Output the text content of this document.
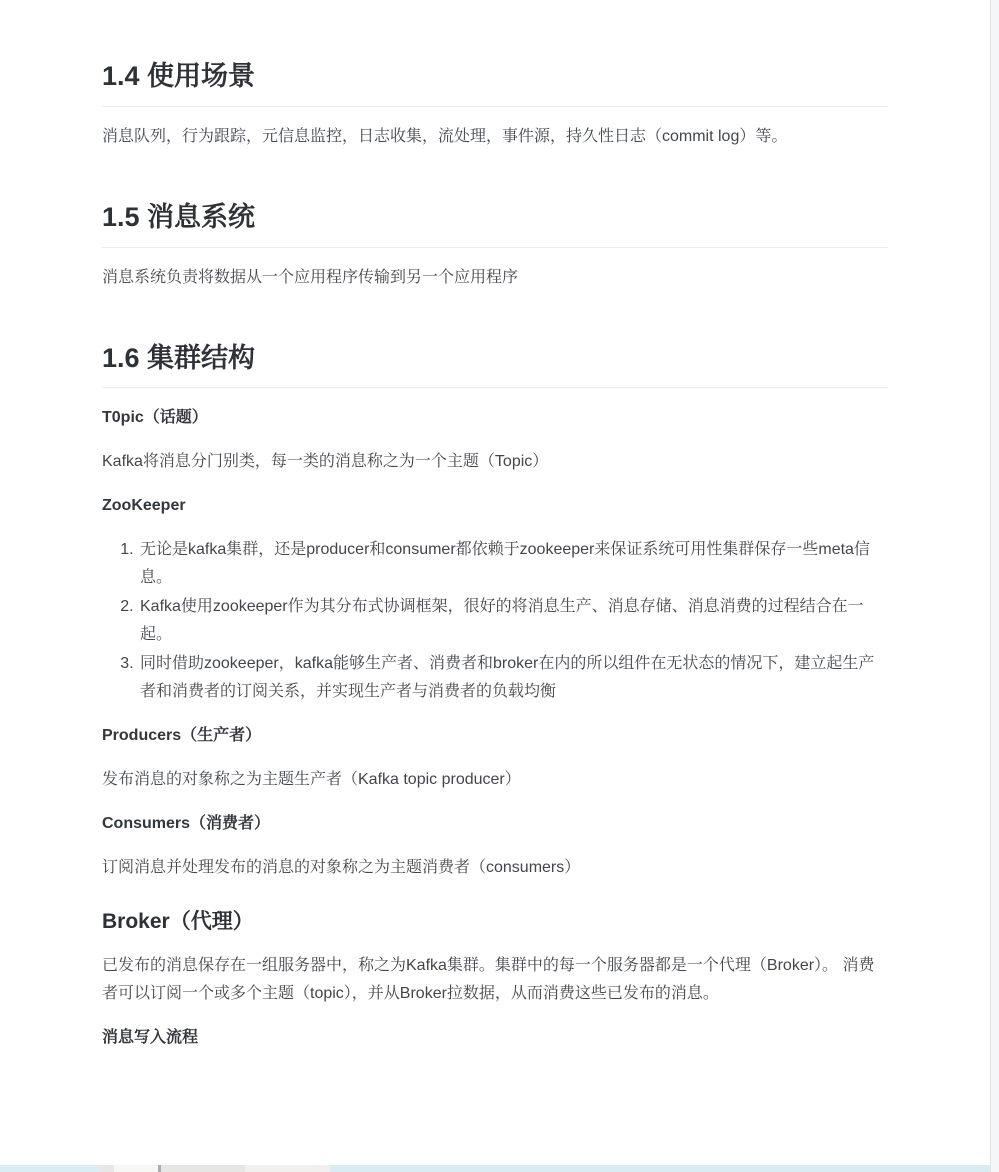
1.4 使用场景

消息队列，行为跟踪，元信息监控，日志收集，流处理，事件源，持久性日志（commit log）等。

1.5 消息系统

消息系统负责将数据从一个应用程序传输到另一个应用程序

1.6 集群结构

T0pic（话题）

Kafka将消息分门别类，每一类的消息称之为一个主题（Topic）

ZooKeeper

1. 无论是kafka集群，还是producer和consumer都依赖于zookeeper来保证系统可用性集群保存一些meta信息。
2. Kafka使用zookeeper作为其分布式协调框架，很好的将消息生产、消息存储、消息消费的过程结合在一起。
3. 同时借助zookeeper，kafka能够生产者、消费者和broker在内的所以组件在无状态的情况下，建立起生产者和消费者的订阅关系，并实现生产者与消费者的负载均衡

Producers（生产者）

发布消息的对象称之为主题生产者（Kafka topic producer）

Consumers（消费者）

订阅消息并处理发布的消息的对象称之为主题消费者（consumers）

Broker（代理）

已发布的消息保存在一组服务器中，称之为Kafka集群。集群中的每一个服务器都是一个代理（Broker）。 消费者可以订阅一个或多个主题（topic），并从Broker拉数据，从而消费这些已发布的消息。

消息写入流程
